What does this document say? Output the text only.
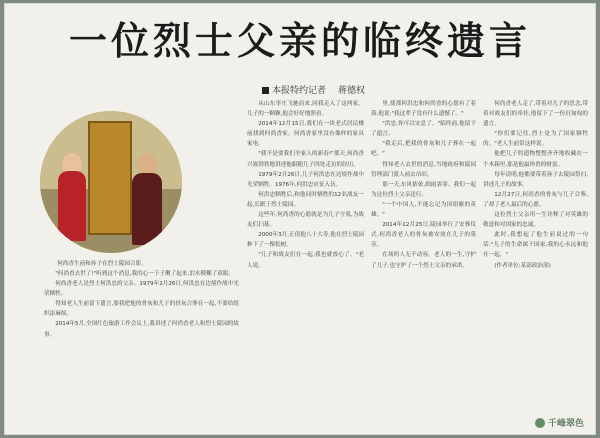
一位烈士父亲的临终遗言
本报特约记者 蒋德权
何尚香生前和孙子在烈士陵园合影。

"何尚香去世了!"听到这个消息,我的心一下子揪了起来,泪水模糊了双眼。

何尚香老人是烈士何洪忠的父亲。1979年2月26日,何洪忠在边境作战中光荣牺牲。

得知老人生前留下遗言,要我把他的骨灰和儿子的骨灰合葬在一起,不要给组织添麻烦。

2014年5月,全国红色旅游工作会议上,我讲述了何尚香老人和烈士陵园的故事。

从山东枣庄飞驰而来,同我走入了这两家。儿子的一颗颗,他会好好地照看。

2014年12月15日,我们在一块老式居民楼前找到何尚香家。何尚香家里没有像样的家具家电。

"我不是要我们全家人的新春!"那天,何尚香兴致勃勃地讲述他跟随儿子四处走访的经历。

1979年2月26日,儿子何洪忠在边境作战中光荣牺牲。1976年,何洪忠应征入伍。

何洪忠牺牲后,和他同时牺牲的12名战友一起,长眠于烈士陵园。

这些年,何尚香的心愿就是为儿子守墓,为战友们扫墓。

2000年3月,正值他八十大寿,他在烈士陵园种下了一棵松树。

"儿子和战友们在一起,我也就放心了。"老人说。

里,使那何洪忠和何尚香的心愿有了着落,他说:"我这辈子没有什么遗憾了。"

"洪忠,你可以安息了。"临终前,他留下了遗言。

"我走后,把我的骨灰和儿子葬在一起吧。"

得知老人去世的消息,当地政府和陵园管理部门派人前去吊唁。

那一天,东风依依,细雨霏霏。我们一起为这位烈士父亲送行。

"一个中国人,不能忘记为国捐躯的英雄。"

2014年12月25日,陵园举行了安葬仪式,何尚香老人的骨灰被安放在儿子的墓旁。

在场的人无不动容。老人的一生,守护了儿子,也守护了一个烈士父亲的承诺。

何尚香老人走了,带着对儿子的思念,带着对战友们的牵挂,他留下了一份沉甸甸的遗言。

"你们要记住,烈士是为了国家牺牲的。"老人生前常这样说。

他把儿子的遗物整整齐齐地收藏在一个木箱里,那是他最珍贵的财富。

每年清明,他都要带着孙子去陵园祭扫,讲述儿子的故事。

12月27日,何尚香的骨灰与儿子合葬,了却了老人最后的心愿。

这位烈士父亲用一生诠释了对英雄的敬意和对国家的忠诚。

此时,我想起了他生前说过的一句话:"儿子的生命属于国家,我的心永远和他在一起。"

(作者单位:某部政治部)

千峰翠色
